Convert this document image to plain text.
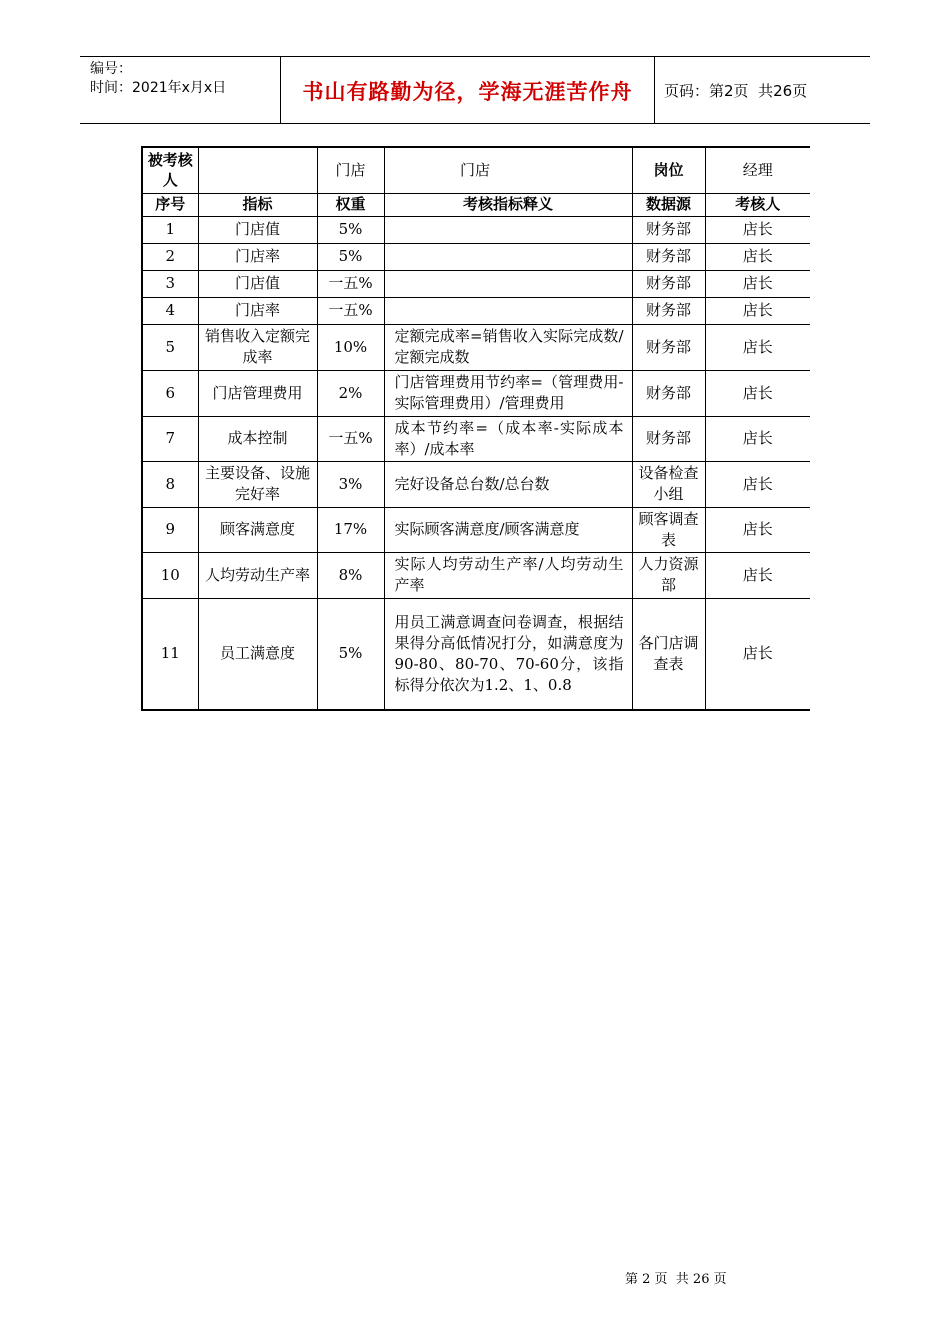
编号：
时间：2021年x月x日	书山有路勤为径，学海无涯苦作舟	页码：第2页  共26页
被考核人		门店	门店	岗位	经理
序号	指标	权重	考核指标释义	数据源	考核人
1	门店值	5%		财务部	店长
2	门店率	5%		财务部	店长
3	门店值	一五%		财务部	店长
4	门店率	一五%		财务部	店长
5	销售收入定额完成率	10%	定额完成率=销售收入实际完成数/定额完成数	财务部	店长
6	门店管理费用	2%	门店管理费用节约率=（管理费用-实际管理费用）/管理费用	财务部	店长
7	成本控制	一五%	成本节约率=（成本率-实际成本率）/成本率	财务部	店长
8	主要设备、设施完好率	3%	完好设备总台数/总台数	设备检查小组	店长
9	顾客满意度	17%	实际顾客满意度/顾客满意度	顾客调查表	店长
10	人均劳动生产率	8%	实际人均劳动生产率/人均劳动生产率	人力资源部	店长
11	员工满意度	5%	用员工满意调查问卷调查，根据结果得分高低情况打分，如满意度为90-80、80-70、70-60分，该指标得分依次为1.2、1、0.8	各门店调查表	店长
第 2 页  共 26 页
